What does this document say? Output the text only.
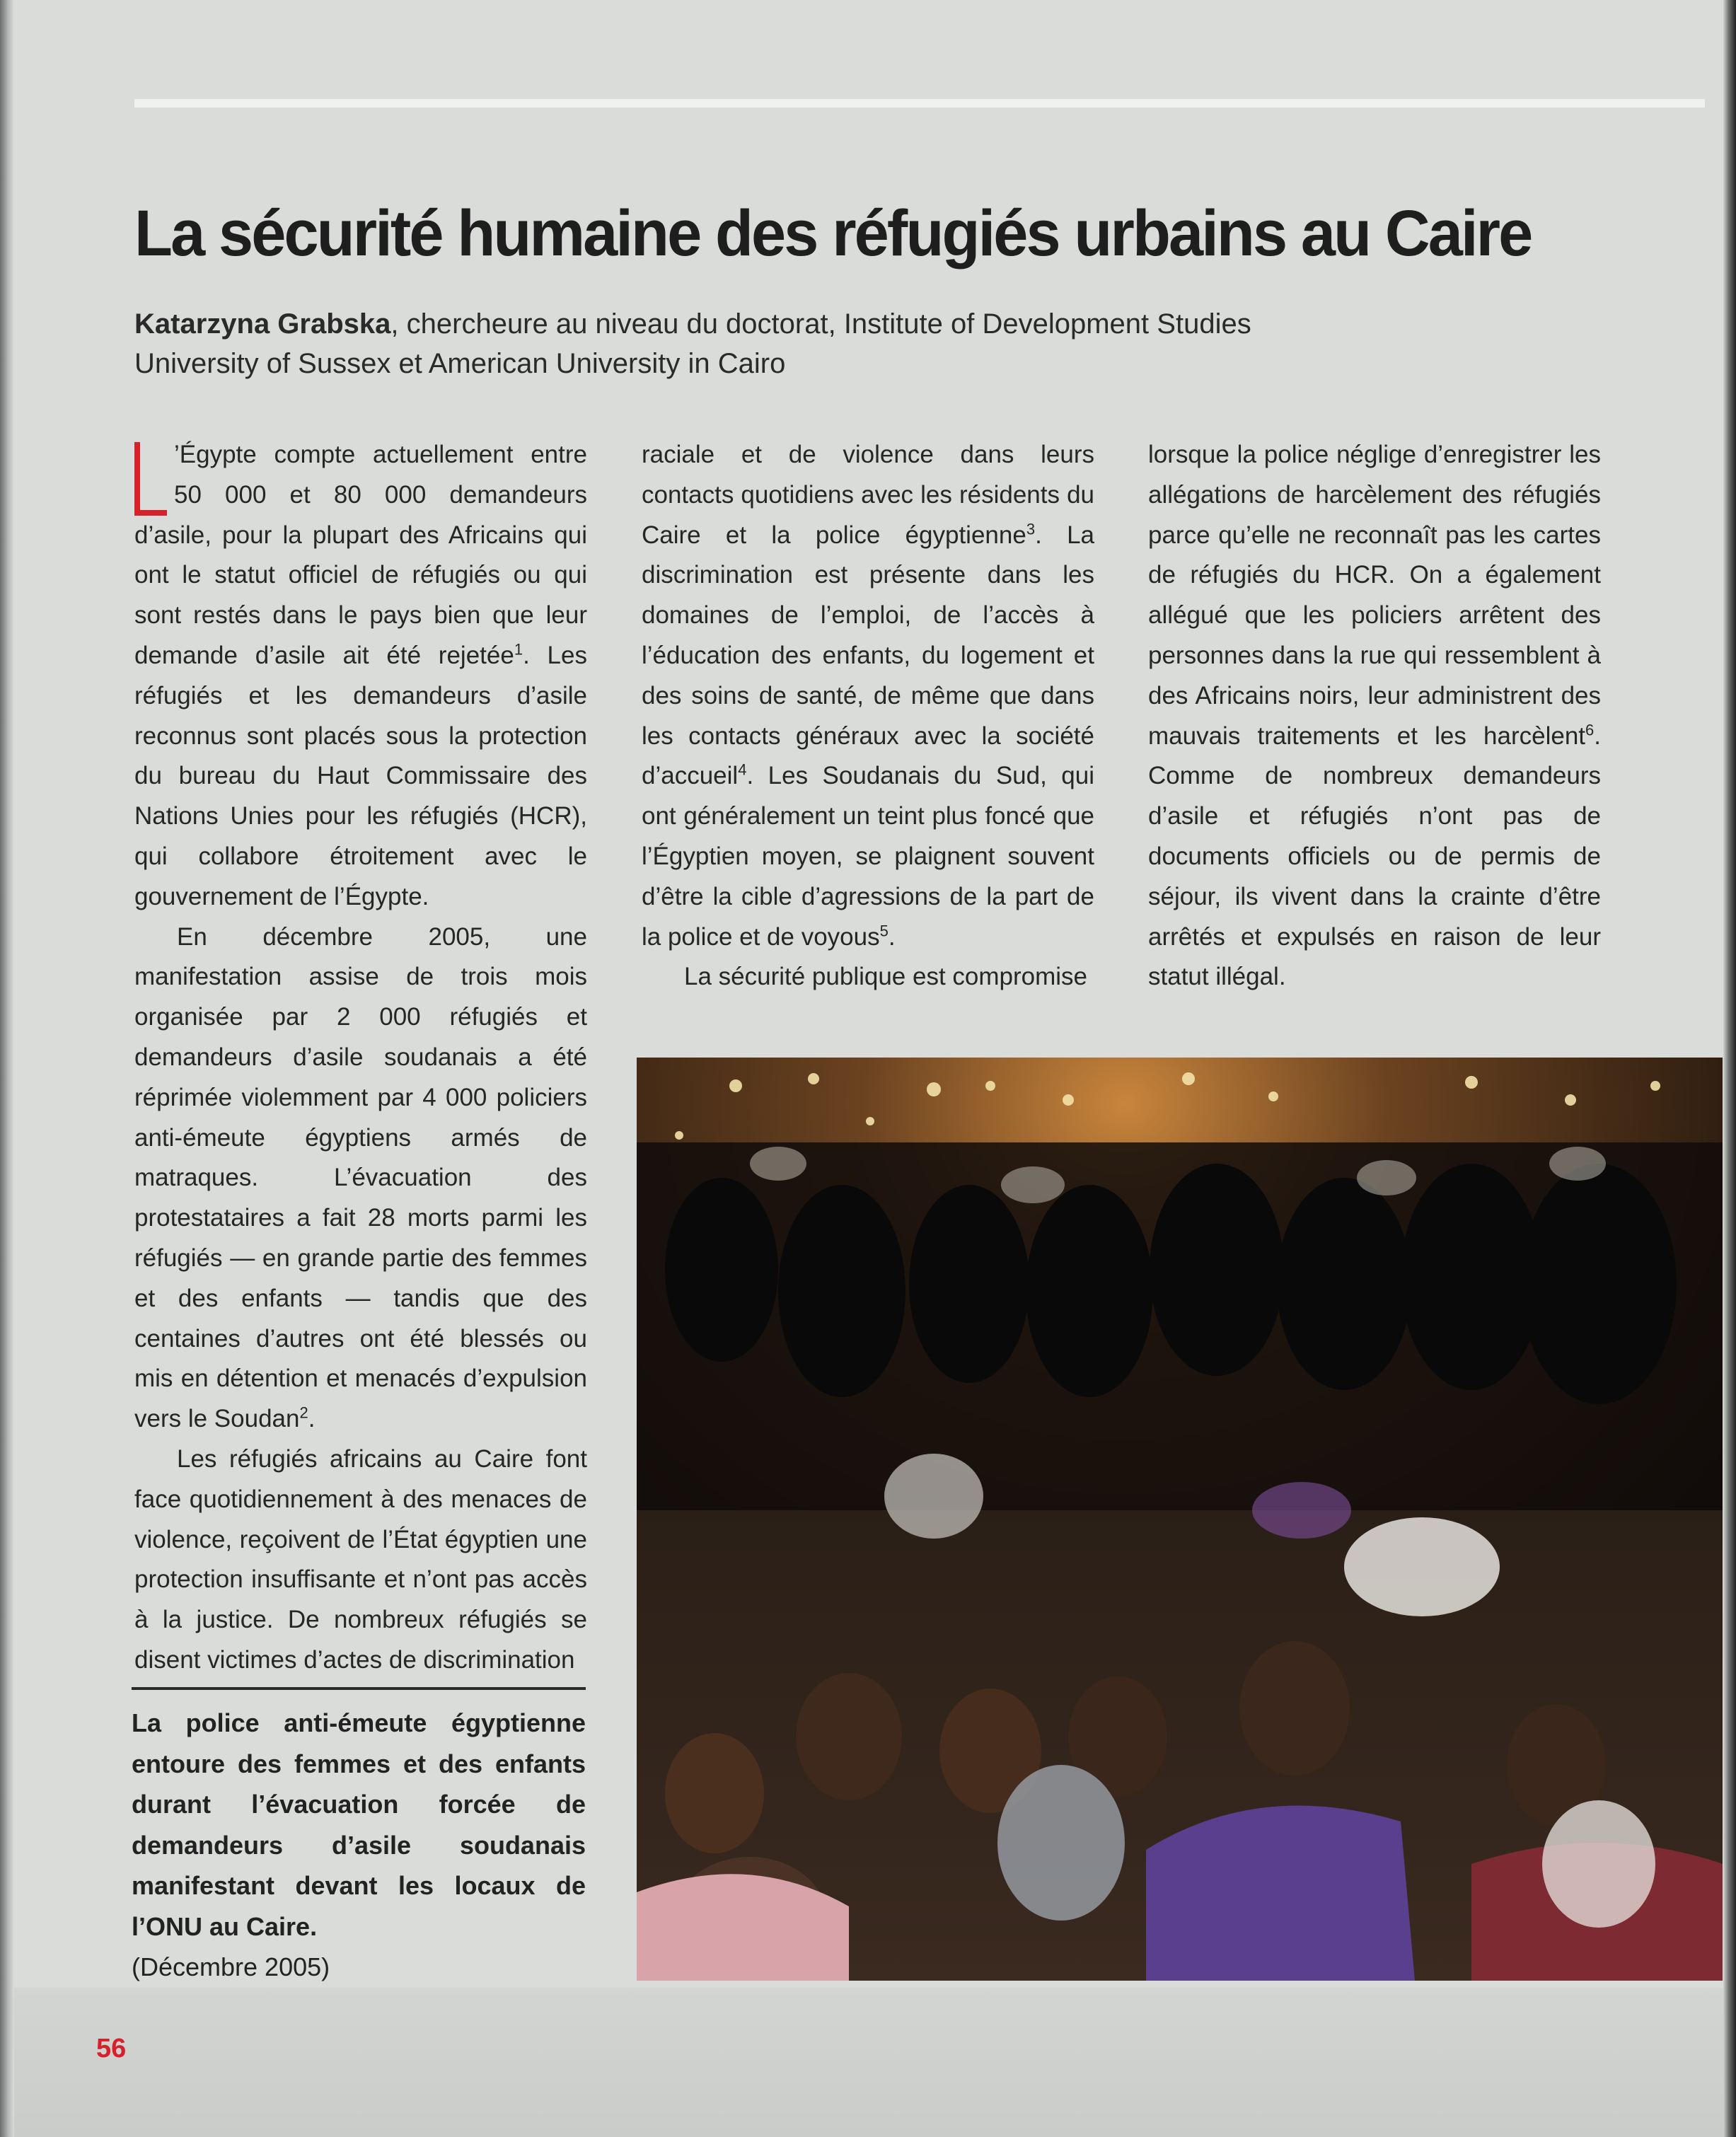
La sécurité humaine des réfugiés urbains au Caire
Katarzyna Grabska, chercheure au niveau du doctorat, Institute of Development Studies
University of Sussex et American University in Cairo

’Égypte compte actuellement entre 50 000 et 80 000 demandeurs d’asile, pour la plupart des Africains qui ont le statut officiel de réfugiés ou qui sont restés dans le pays bien que leur demande d’asile ait été rejetée$^1$. Les réfugiés et les demandeurs d’asile reconnus sont placés sous la protection du bureau du Haut Commissaire des Nations Unies pour les réfugiés (HCR), qui collabore étroitement avec le gouvernement de l’Égypte.

En décembre 2005, une manifestation assise de trois mois organisée par 2 000 réfugiés et demandeurs d’asile soudanais a été réprimée violemment par 4 000 policiers anti-émeute égyptiens armés de matraques. L’évacuation des protestataires a fait 28 morts parmi les réfugiés — en grande partie des femmes et des enfants — tandis que des centaines d’autres ont été blessés ou mis en détention et menacés d’expulsion vers le Soudan$^2$.

Les réfugiés africains au Caire font face quotidiennement à des menaces de violence, reçoivent de l’État égyptien une protection insuffisante et n’ont pas accès à la justice. De nombreux réfugiés se disent victimes d’actes de discrimination

raciale et de violence dans leurs contacts quotidiens avec les résidents du Caire et la police égyptienne$^3$. La discrimination est présente dans les domaines de l’emploi, de l’accès à l’éducation des enfants, du logement et des soins de santé, de même que dans les contacts généraux avec la société d’accueil$^4$. Les Soudanais du Sud, qui ont généralement un teint plus foncé que l’Égyptien moyen, se plaignent souvent d’être la cible d’agressions de la part de la police et de voyous$^5$.

La sécurité publique est compromise

lorsque la police néglige d’enregistrer les allégations de harcèlement des réfugiés parce qu’elle ne reconnaît pas les cartes de réfugiés du HCR. On a également allégué que les policiers arrêtent des personnes dans la rue qui ressemblent à des Africains noirs, leur administrent des mauvais traitements et les harcèlent$^6$. Comme de nombreux demandeurs d’asile et réfugiés n’ont pas de documents officiels ou de permis de séjour, ils vivent dans la crainte d’être arrêtés et expulsés en raison de leur statut illégal.

La police anti-émeute égyptienne entoure des femmes et des enfants durant l’évacuation forcée de demandeurs d’asile soudanais manifestant devant les locaux de l’ONU au Caire.
(Décembre 2005)
56
